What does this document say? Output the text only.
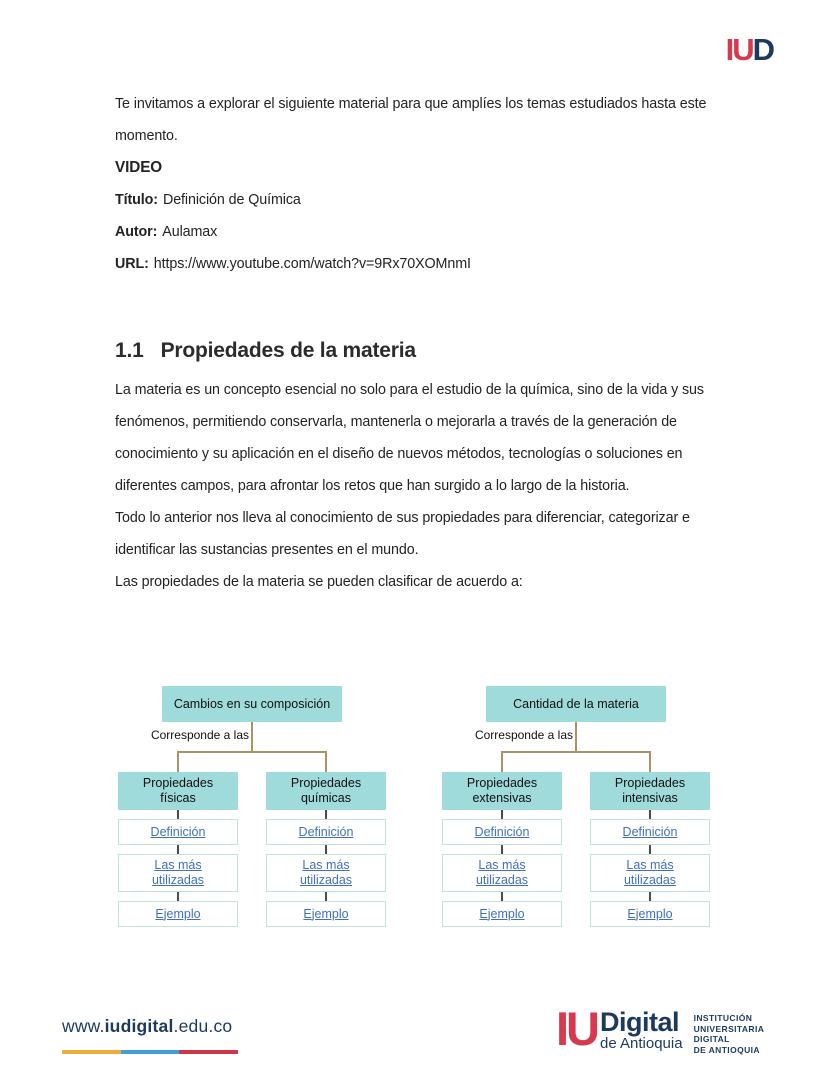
IUD

Te invitamos a explorar el siguiente material para que amplíes los temas estudiados hasta este momento.

VIDEO

Título: Definición de Química

Autor: Aulamax

URL: https://www.youtube.com/watch?v=9Rx70XOMnmI

1.1 Propiedades de la materia

La materia es un concepto esencial no solo para el estudio de la química, sino de la vida y sus fenómenos, permitiendo conservarla, mantenerla o mejorarla a través de la generación de conocimiento y su aplicación en el diseño de nuevos métodos, tecnologías o soluciones en diferentes campos, para afrontar los retos que han surgido a lo largo de la historia.

Todo lo anterior nos lleva al conocimiento de sus propiedades para diferenciar, categorizar e identificar las sustancias presentes en el mundo.

Las propiedades de la materia se pueden clasificar de acuerdo a:

Cambios en su composición
Corresponde a las
Propiedades físicas
Definición
Las más utilizadas
Ejemplo
Propiedades químicas
Definición
Las más utilizadas
Ejemplo
Cantidad de la materia
Corresponde a las
Propiedades extensivas
Definición
Las más utilizadas
Ejemplo
Propiedades intensivas
Definición
Las más utilizadas
Ejemplo
www.iudigital.edu.co	IU Digital
de Antioquia
INSTITUCIÓN
UNIVERSITARIA
DIGITAL
DE ANTIOQUIA
